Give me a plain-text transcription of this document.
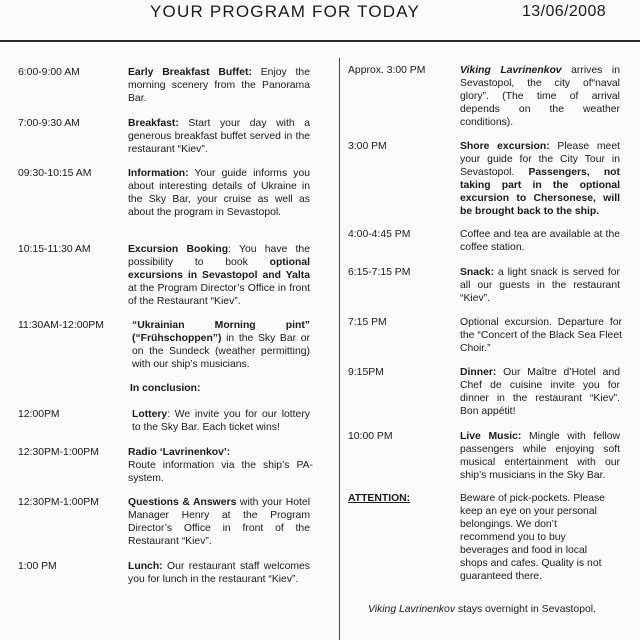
YOUR PROGRAM FOR TODAY	13/06/2008
6:00-9:00 AM	Early Breakfast Buffet: Enjoy the morning scenery from the Panorama Bar.
7:00-9:30 AM	Breakfast: Start your day with a generous breakfast buffet served in the restaurant “Kiev”.
09:30-10:15 AM	Information: Your guide informs you about interesting details of Ukraine in the Sky Bar, your cruise as well as about the program in Sevastopol.
10:15-11:30 AM	Excursion Booking: You have the possibility to book optional excursions in Sevastopol and Yalta at the Program Director’s Office in front of the Restaurant “Kiev”.
11:30AM-12:00PM	“Ukrainian Morning pint” (“Frühschoppen”) in the Sky Bar or on the Sundeck (weather permitting) with our ship’s musicians.
In conclusion:
12:00PM	Lottery: We invite you for our lottery to the Sky Bar. Each ticket wins!
12:30PM-1:00PM	Radio ‘Lavrinenkov’:
Route information via the ship’s PA-system.
12:30PM-1:00PM	Questions & Answers with your Hotel Manager Henry at the Program Director’s Office in front of the Restaurant “Kiev”.
1:00 PM	Lunch: Our restaurant staff welcomes you for lunch in the restaurant “Kiev”.
Approx. 3:00 PM	Viking Lavrinenkov arrives in Sevastopol, the city of“naval glory”. (The time of arrival depends on the weather conditions).
3:00 PM	Shore excursion: Please meet your guide for the City Tour in Sevastopol. Passengers, not taking part in the optional excursion to Chersonese, will be brought back to the ship.
4:00-4:45 PM	Coffee and tea are available at the coffee station.
6:15-7:15 PM	Snack: a light snack is served for all our guests in the restaurant “Kiev”.
7:15 PM	Optional excursion. Departure for the “Concert of the Black Sea Fleet Choir.”
9:15PM	Dinner: Our Maître d’Hotel and Chef de cuisine invite you for dinner in the restaurant “Kiev”. Bon appétit!
10:00 PM	Live Music: Mingle with fellow passengers while enjoying soft musical entertainment with our ship’s musicians in the Sky Bar.
ATTENTION:	Beware of pick-pockets. Please keep an eye on your personal belongings. We don’t recommend you to buy beverages and food in local shops and cafes. Quality is not guaranteed there.
Viking Lavrinenkov stays overnight in Sevastopol.
